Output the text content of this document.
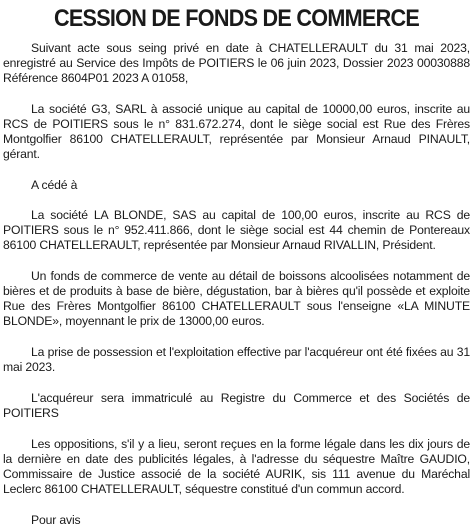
CESSION DE FONDS DE COMMERCE

Suivant acte sous seing privé en date à CHATELLERAULT du 31 mai 2023, enregistré au Service des Impôts de POITIERS le 06 juin 2023, Dossier 2023 00030888 Référence 8604P01 2023 A 01058,

La société G3, SARL à associé unique au capital de 10000,00 euros, inscrite au RCS de POITIERS sous le n° 831.672.274, dont le siège social est Rue des Frères Montgolfier 86100 CHATELLERAULT, représentée par Monsieur Arnaud PINAULT, gérant.

A cédé à

La société LA BLONDE, SAS au capital de 100,00 euros, inscrite au RCS de POITIERS sous le n° 952.411.866, dont le siège social est 44 chemin de Pontereaux 86100 CHATELLERAULT, représentée par Monsieur Arnaud RIVALLIN, Président.

Un fonds de commerce de vente au détail de boissons alcoolisées notamment de bières et de produits à base de bière, dégustation, bar à bières qu'il possède et exploite Rue des Frères Montgolfier 86100 CHATELLERAULT sous l'enseigne «LA MINUTE BLONDE», moyennant le prix de 13000,00 euros.

La prise de possession et l'exploitation effective par l'acquéreur ont été fixées au 31 mai 2023.

L'acquéreur sera immatriculé au Registre du Commerce et des Sociétés de POITIERS

Les oppositions, s'il y a lieu, seront reçues en la forme légale dans les dix jours de la dernière en date des publicités légales, à l'adresse du séquestre Maître GAUDIO, Commissaire de Justice associé de la société AURIK, sis 111 avenue du Maréchal Leclerc 86100 CHATELLERAULT, séquestre constitué d'un commun accord.

Pour avis
